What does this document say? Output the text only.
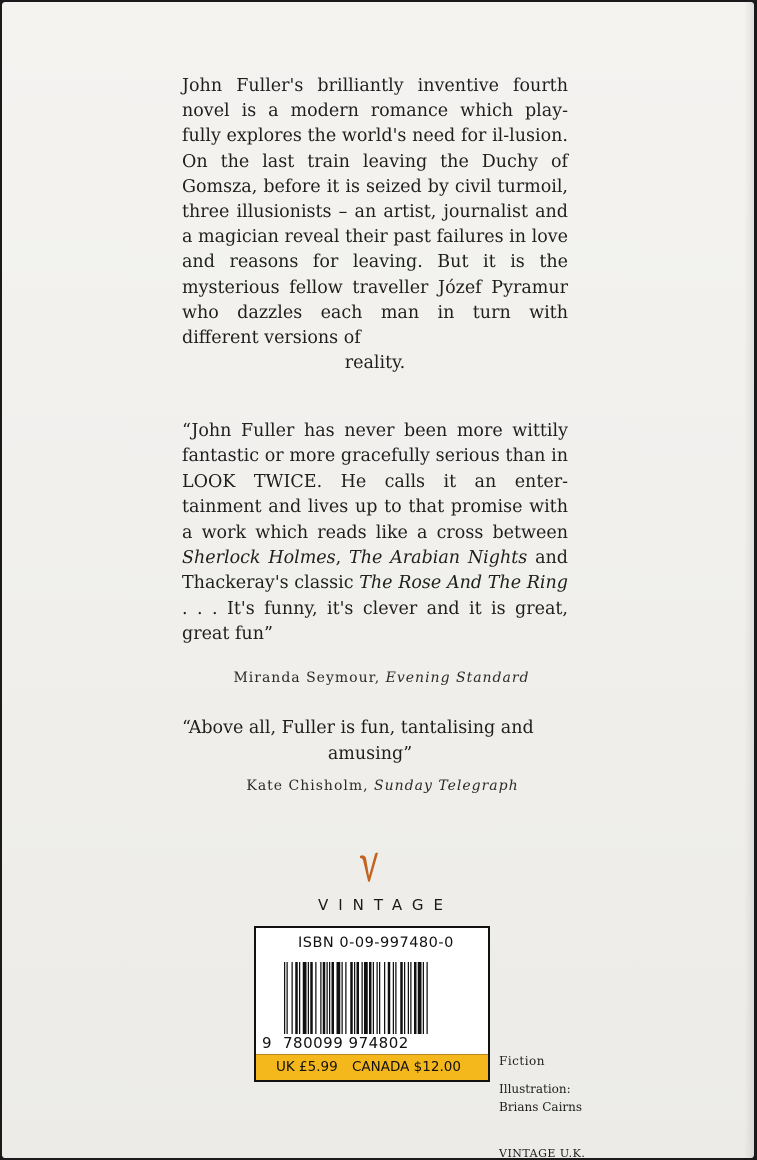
John Fuller's brilliantly inventive fourth novel is a modern romance which play-fully explores the world's need for il-lusion. On the last train leaving the Duchy of Gomsza, before it is seized by civil turmoil, three illusionists – an artist, journalist and a magician reveal their past failures in love and reasons for leaving. But it is the mysterious fellow traveller Józef Pyramur who dazzles each man in turn with different versions of
reality.

“John Fuller has never been more wittily fantastic or more gracefully serious than in LOOK TWICE. He calls it an enter-tainment and lives up to that promise with a work which reads like a cross between Sherlock Holmes, The Arabian Nights and Thackeray's classic The Rose And The Ring . . . It's funny, it's clever and it is great, great fun”

Miranda Seymour, Evening Standard

“Above all, Fuller is fun, tantalising and
amusing”

Kate Chisholm, Sunday Telegraph
VINTAGE
ISBN 0-09-997480-0
9 780099 974802
UK £5.99 CANADA $12.00	Fiction
Illustration:
Brians Cairns
VINTAGE U.K.
